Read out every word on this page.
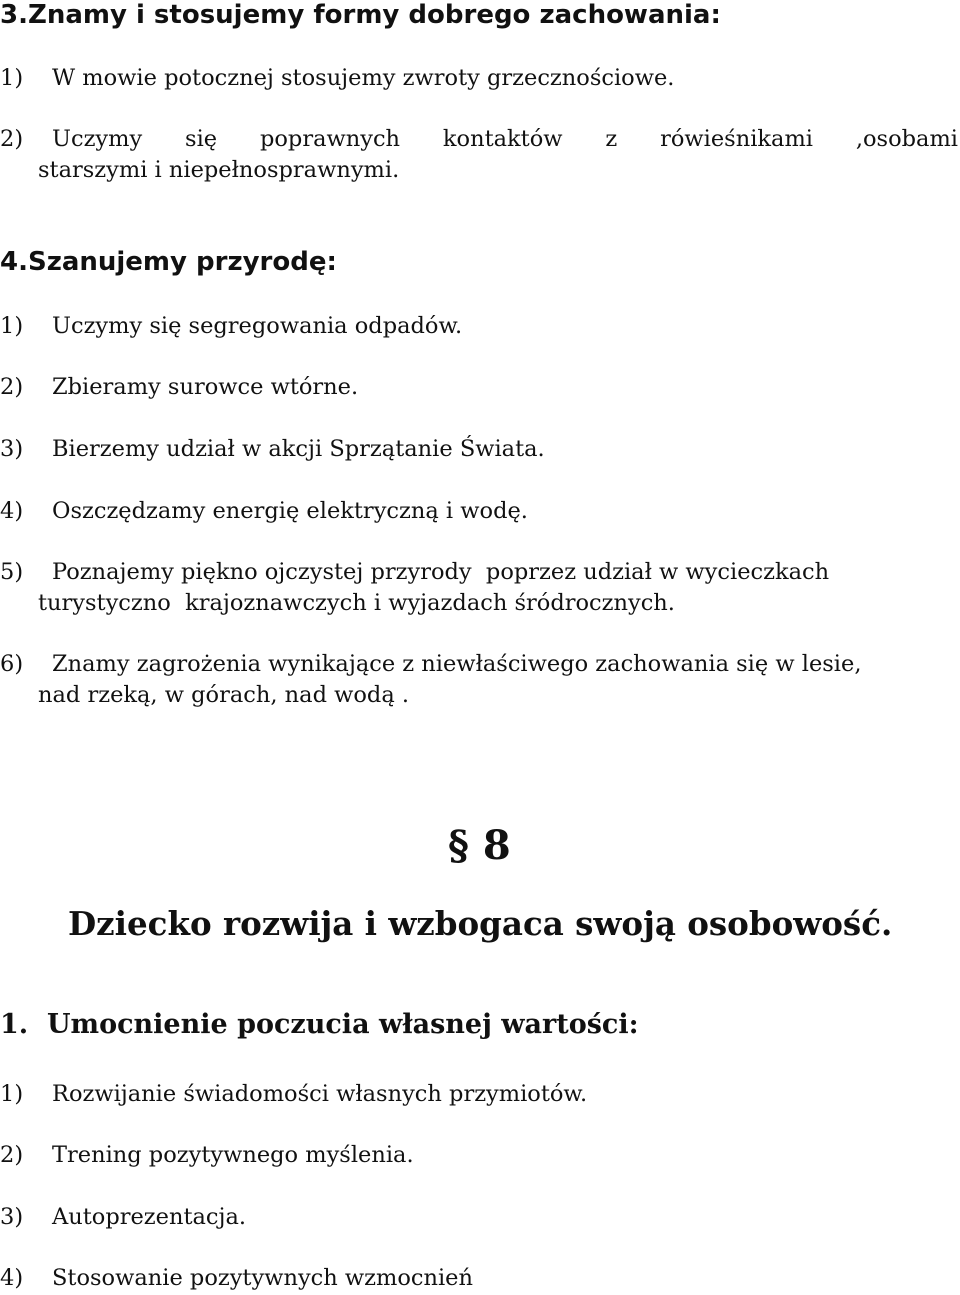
3.Znamy i stosujemy formy dobrego zachowania:
1)	W mowie potocznej stosujemy zwroty grzecznościowe.
2) Uczymy się poprawnych kontaktów z rówieśnikami ,osobami
starszymi i niepełnosprawnymi.
4.Szanujemy przyrodę:
1)	Uczymy się segregowania odpadów.
2)	Zbieramy surowce wtórne.
3)	Bierzemy udział w akcji Sprzątanie Świata.
4)	Oszczędzamy energię elektryczną i wodę.
5)	Poznajemy piękno ojczystej przyrody  poprzez udział w wycieczkach
turystyczno  krajoznawczych i wyjazdach śródrocznych.
6)	Znamy zagrożenia wynikające z niewłaściwego zachowania się w lesie,
nad rzeką, w górach, nad wodą .
§ 8
Dziecko rozwija i wzbogaca swoją osobowość.
1.  Umocnienie poczucia własnej wartości:
1)	Rozwijanie świadomości własnych przymiotów.
2)	Trening pozytywnego myślenia.
3)	Autoprezentacja.
4)	Stosowanie pozytywnych wzmocnień
